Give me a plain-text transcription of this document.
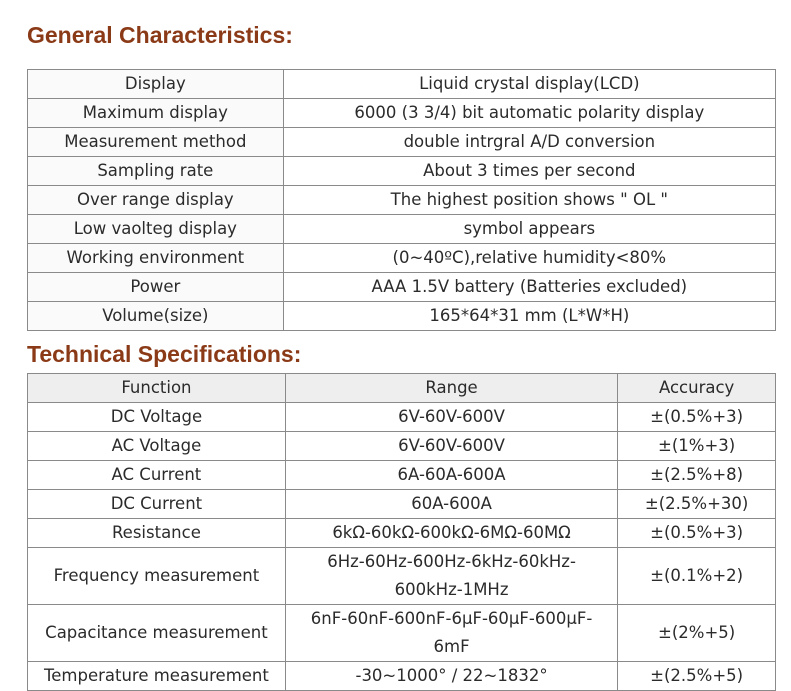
General Characteristics:
Display	Liquid crystal display(LCD)
Maximum display	6000 (3 3/4) bit automatic polarity display
Measurement method	double intrgral A/D conversion
Sampling rate	About 3 times per second
Over range display	The highest position shows " OL "
Low vaolteg display	symbol appears
Working environment	(0~40ºC),relative humidity<80%
Power	AAA 1.5V battery (Batteries excluded)
Volume(size)	165*64*31 mm (L*W*H)
Technical Specifications:
Function	Range	Accuracy
DC Voltage	6V-60V-600V	±(0.5%+3)
AC Voltage	6V-60V-600V	±(1%+3)
AC Current	6A-60A-600A	±(2.5%+8)
DC Current	60A-600A	±(2.5%+30)
Resistance	6kΩ-60kΩ-600kΩ-6MΩ-60MΩ	±(0.5%+3)
Frequency measurement	6Hz-60Hz-600Hz-6kHz-60kHz-
600kHz-1MHz	±(0.1%+2)
Capacitance measurement	6nF-60nF-600nF-6μF-60μF-600μF-
6mF	±(2%+5)
Temperature measurement	-30~1000° / 22~1832°	±(2.5%+5)
